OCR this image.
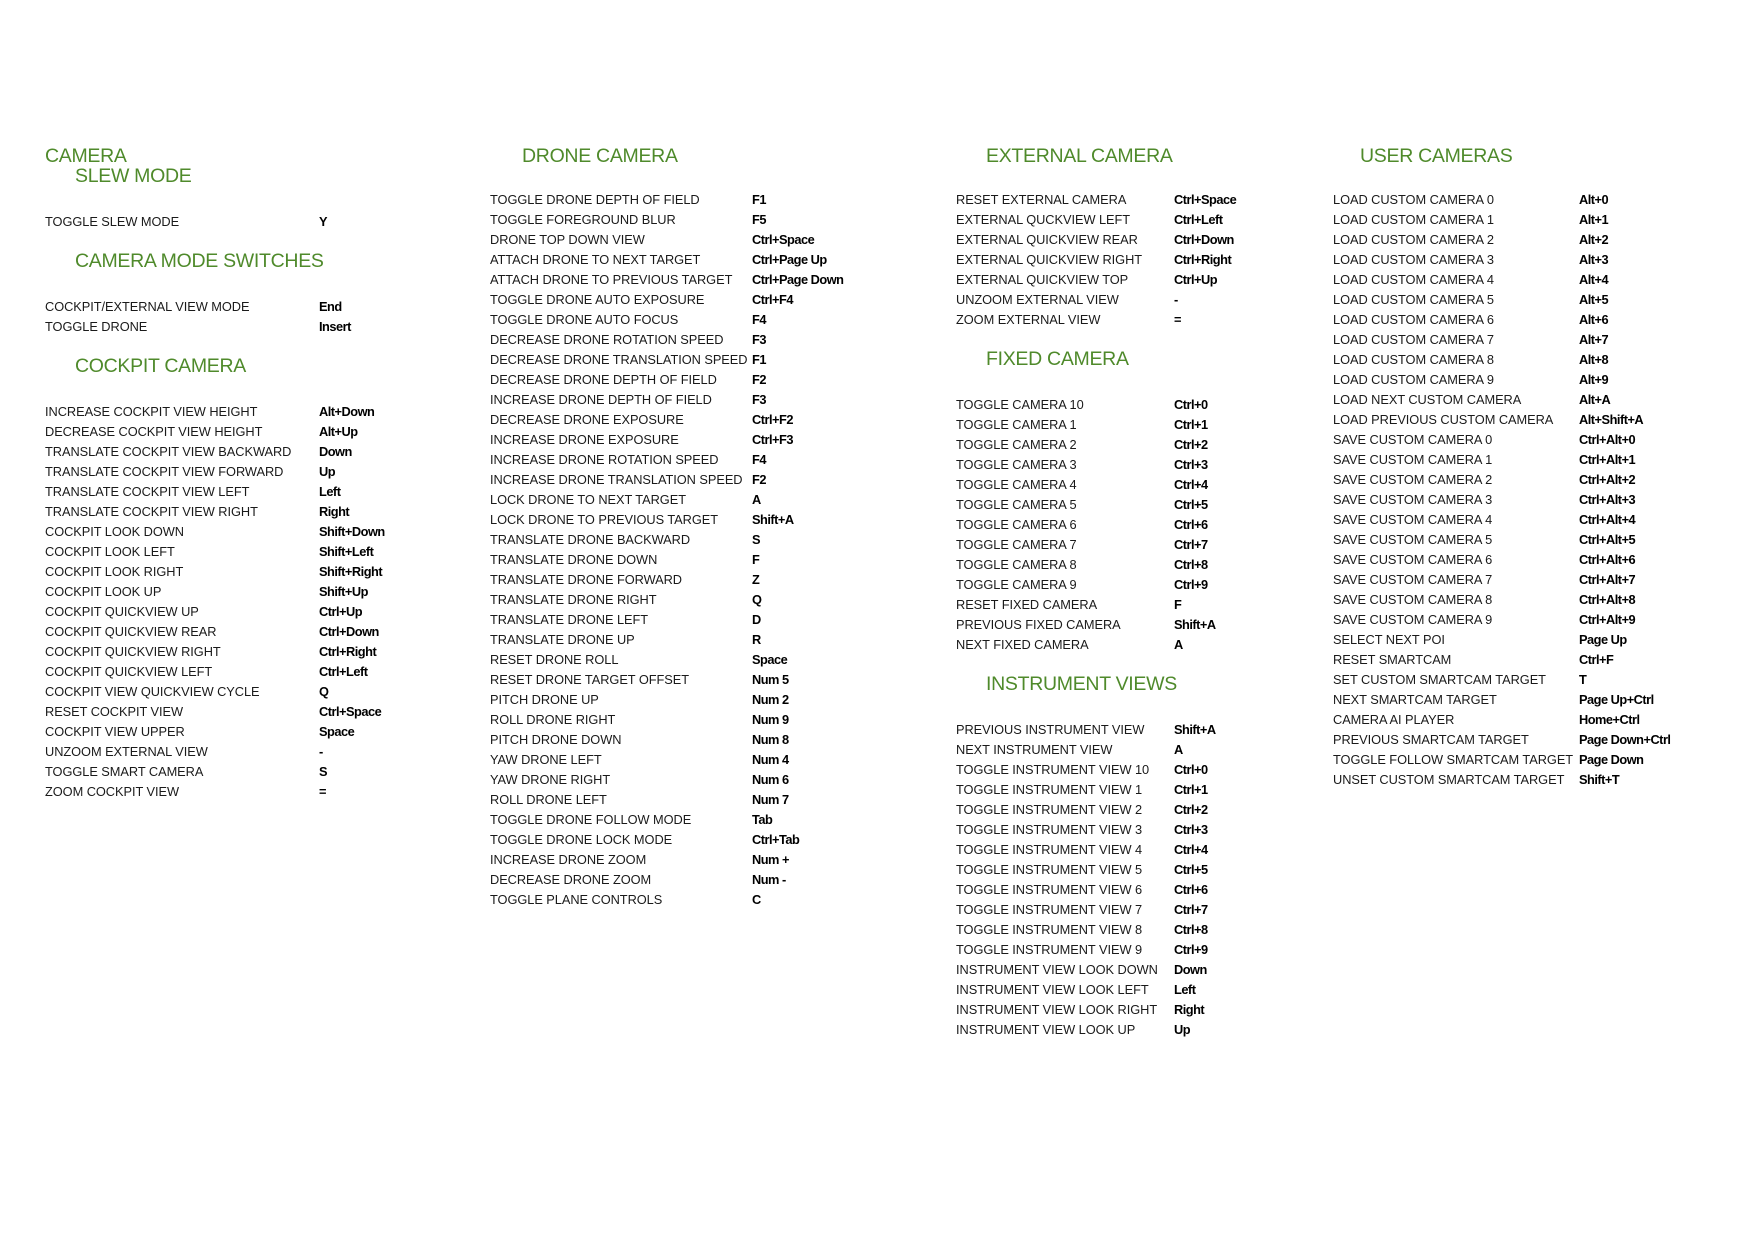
CAMERA
SLEW MODE
TOGGLE SLEW MODE	Y
CAMERA MODE SWITCHES
COCKPIT/EXTERNAL VIEW MODE	End
TOGGLE DRONE	Insert
COCKPIT CAMERA
INCREASE COCKPIT VIEW HEIGHT	Alt+Down
DECREASE COCKPIT VIEW HEIGHT	Alt+Up
TRANSLATE COCKPIT VIEW BACKWARD	Down
TRANSLATE COCKPIT VIEW FORWARD	Up
TRANSLATE COCKPIT VIEW LEFT	Left
TRANSLATE COCKPIT VIEW RIGHT	Right
COCKPIT LOOK DOWN	Shift+Down
COCKPIT LOOK LEFT	Shift+Left
COCKPIT LOOK RIGHT	Shift+Right
COCKPIT LOOK UP	Shift+Up
COCKPIT QUICKVIEW UP	Ctrl+Up
COCKPIT QUICKVIEW REAR	Ctrl+Down
COCKPIT QUICKVIEW RIGHT	Ctrl+Right
COCKPIT QUICKVIEW LEFT	Ctrl+Left
COCKPIT VIEW QUICKVIEW CYCLE	Q
RESET COCKPIT VIEW	Ctrl+Space
COCKPIT VIEW UPPER	Space
UNZOOM EXTERNAL VIEW	-
TOGGLE SMART CAMERA	S
ZOOM COCKPIT VIEW	=
DRONE CAMERA
TOGGLE DRONE DEPTH OF FIELD	F1
TOGGLE FOREGROUND BLUR	F5
DRONE TOP DOWN VIEW	Ctrl+Space
ATTACH DRONE TO NEXT TARGET	Ctrl+Page Up
ATTACH DRONE TO PREVIOUS TARGET	Ctrl+Page Down
TOGGLE DRONE AUTO EXPOSURE	Ctrl+F4
TOGGLE DRONE AUTO FOCUS	F4
DECREASE DRONE ROTATION SPEED	F3
DECREASE DRONE TRANSLATION SPEED F1
DECREASE DRONE DEPTH OF FIELD	F2
INCREASE DRONE DEPTH OF FIELD	F3
DECREASE DRONE EXPOSURE	Ctrl+F2
INCREASE DRONE EXPOSURE	Ctrl+F3
INCREASE DRONE ROTATION SPEED	F4
INCREASE DRONE TRANSLATION SPEED F2
LOCK DRONE TO NEXT TARGET	A
LOCK DRONE TO PREVIOUS TARGET	Shift+A
TRANSLATE DRONE BACKWARD	S
TRANSLATE DRONE DOWN	F
TRANSLATE DRONE FORWARD	Z
TRANSLATE DRONE RIGHT	Q
TRANSLATE DRONE LEFT	D
TRANSLATE DRONE UP	R
RESET DRONE ROLL	Space
RESET DRONE TARGET OFFSET	Num 5
PITCH DRONE UP	Num 2
ROLL DRONE RIGHT	Num 9
PITCH DRONE DOWN	Num 8
YAW DRONE LEFT	Num 4
YAW DRONE RIGHT	Num 6
ROLL DRONE LEFT	Num 7
TOGGLE DRONE FOLLOW MODE	Tab
TOGGLE DRONE LOCK MODE	Ctrl+Tab
INCREASE DRONE ZOOM	Num +
DECREASE DRONE ZOOM	Num -
TOGGLE PLANE CONTROLS	C
EXTERNAL CAMERA
RESET EXTERNAL CAMERA	Ctrl+Space
EXTERNAL QUCKVIEW LEFT	Ctrl+Left
EXTERNAL QUICKVIEW REAR	Ctrl+Down
EXTERNAL QUICKVIEW RIGHT	Ctrl+Right
EXTERNAL QUICKVIEW TOP	Ctrl+Up
UNZOOM EXTERNAL VIEW	-
ZOOM EXTERNAL VIEW	=
FIXED CAMERA
TOGGLE CAMERA 10	Ctrl+0
TOGGLE CAMERA 1	Ctrl+1
TOGGLE CAMERA 2	Ctrl+2
TOGGLE CAMERA 3	Ctrl+3
TOGGLE CAMERA 4	Ctrl+4
TOGGLE CAMERA 5	Ctrl+5
TOGGLE CAMERA 6	Ctrl+6
TOGGLE CAMERA 7	Ctrl+7
TOGGLE CAMERA 8	Ctrl+8
TOGGLE CAMERA 9	Ctrl+9
RESET FIXED CAMERA	F
PREVIOUS FIXED CAMERA	Shift+A
NEXT FIXED CAMERA	A
INSTRUMENT VIEWS
PREVIOUS INSTRUMENT VIEW	Shift+A
NEXT INSTRUMENT VIEW	A
TOGGLE INSTRUMENT VIEW 10	Ctrl+0
TOGGLE INSTRUMENT VIEW 1	Ctrl+1
TOGGLE INSTRUMENT VIEW 2	Ctrl+2
TOGGLE INSTRUMENT VIEW 3	Ctrl+3
TOGGLE INSTRUMENT VIEW 4	Ctrl+4
TOGGLE INSTRUMENT VIEW 5	Ctrl+5
TOGGLE INSTRUMENT VIEW 6	Ctrl+6
TOGGLE INSTRUMENT VIEW 7	Ctrl+7
TOGGLE INSTRUMENT VIEW 8	Ctrl+8
TOGGLE INSTRUMENT VIEW 9	Ctrl+9
INSTRUMENT VIEW LOOK DOWN	Down
INSTRUMENT VIEW LOOK LEFT	Left
INSTRUMENT VIEW LOOK RIGHT	Right
INSTRUMENT VIEW LOOK UP	Up
USER CAMERAS
LOAD CUSTOM CAMERA 0	Alt+0
LOAD CUSTOM CAMERA 1	Alt+1
LOAD CUSTOM CAMERA 2	Alt+2
LOAD CUSTOM CAMERA 3	Alt+3
LOAD CUSTOM CAMERA 4	Alt+4
LOAD CUSTOM CAMERA 5	Alt+5
LOAD CUSTOM CAMERA 6	Alt+6
LOAD CUSTOM CAMERA 7	Alt+7
LOAD CUSTOM CAMERA 8	Alt+8
LOAD CUSTOM CAMERA 9	Alt+9
LOAD NEXT CUSTOM CAMERA	Alt+A
LOAD PREVIOUS CUSTOM CAMERA	Alt+Shift+A
SAVE CUSTOM CAMERA 0	Ctrl+Alt+0
SAVE CUSTOM CAMERA 1	Ctrl+Alt+1
SAVE CUSTOM CAMERA 2	Ctrl+Alt+2
SAVE CUSTOM CAMERA 3	Ctrl+Alt+3
SAVE CUSTOM CAMERA 4	Ctrl+Alt+4
SAVE CUSTOM CAMERA 5	Ctrl+Alt+5
SAVE CUSTOM CAMERA 6	Ctrl+Alt+6
SAVE CUSTOM CAMERA 7	Ctrl+Alt+7
SAVE CUSTOM CAMERA 8	Ctrl+Alt+8
SAVE CUSTOM CAMERA 9	Ctrl+Alt+9
SELECT NEXT POI	Page Up
RESET SMARTCAM	Ctrl+F
SET CUSTOM SMARTCAM TARGET	T
NEXT SMARTCAM TARGET	Page Up+Ctrl
CAMERA AI PLAYER	Home+Ctrl
PREVIOUS SMARTCAM TARGET	Page Down+Ctrl
TOGGLE FOLLOW SMARTCAM TARGET Page Down
UNSET CUSTOM SMARTCAM TARGET	Shift+T
